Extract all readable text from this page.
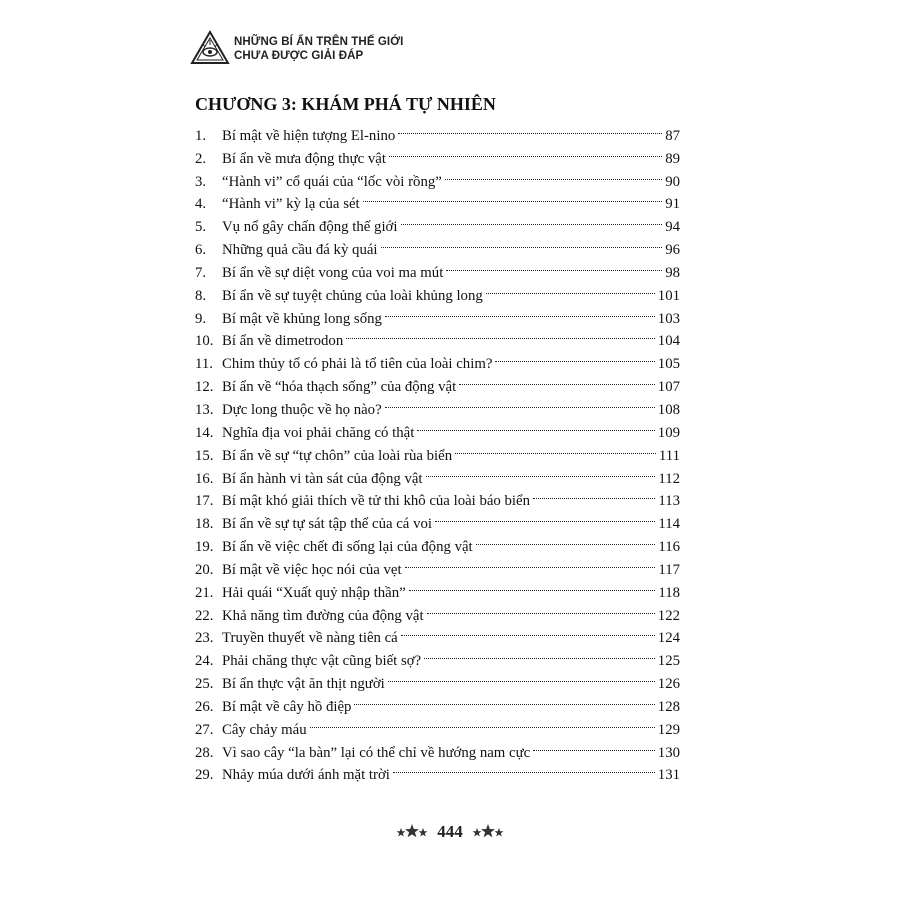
NHỮNG BÍ ẨN TRÊN THẾ GIỚI
CHƯA ĐƯỢC GIẢI ĐÁP
CHƯƠNG 3: KHÁM PHÁ TỰ NHIÊN
1.	Bí mật về hiện tượng El-nino	87
2.	Bí ẩn về mưa động thực vật	89
3.	“Hành vi” cổ quái của “lốc vòi rồng”	90
4.	“Hành vi” kỳ lạ của sét	91
5.	Vụ nổ gây chấn động thế giới	94
6.	Những quả cầu đá kỳ quái	96
7.	Bí ẩn về sự diệt vong của voi ma mút	98
8.	Bí ẩn về sự tuyệt chủng của loài khủng long	101
9.	Bí mật về khủng long sống	103
10. Bí ẩn về dimetrodon	104
11. Chim thủy tổ có phải là tổ tiên của loài chim?	105
12. Bí ẩn về “hóa thạch sống” của động vật	107
13. Dực long thuộc về họ nào?	108
14. Nghĩa địa voi phải chăng có thật	109
15. Bí ẩn về sự “tự chôn” của loài rùa biển	111
16. Bí ẩn hành vi tàn sát của động vật	112
17. Bí mật khó giải thích về tử thi khô của loài báo biển	113
18. Bí ẩn về sự tự sát tập thể của cá voi	114
19. Bí ẩn về việc chết đi sống lại của động vật	116
20. Bí mật về việc học nói của vẹt	117
21. Hải quái “Xuất quỷ nhập thần”	118
22. Khả năng tìm đường của động vật	122
23. Truyền thuyết về nàng tiên cá	124
24. Phải chăng thực vật cũng biết sợ?	125
25. Bí ẩn thực vật ăn thịt người	126
26. Bí mật về cây hồ điệp	128
27. Cây chảy máu	129
28. Vì sao cây “la bàn” lại có thể chỉ về hướng nam cực	130
29. Nhảy múa dưới ánh mặt trời	131
444
